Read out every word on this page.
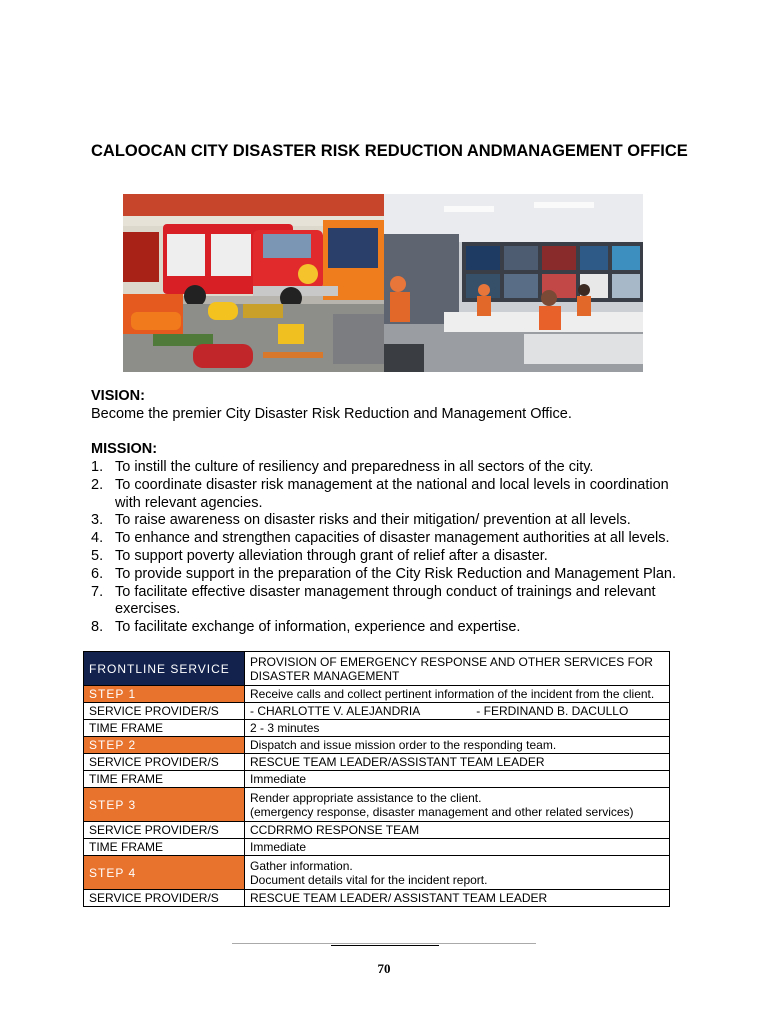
CALOOCAN CITY DISASTER RISK REDUCTION ANDMANAGEMENT OFFICE
VISION:
Become the premier City Disaster Risk Reduction and Management Office.
MISSION:
1. To instill the culture of resiliency and preparedness in all sectors of the city.
2. To coordinate disaster risk management at the national and local levels in coordination with relevant agencies.
3. To raise awareness on disaster risks and their mitigation/ prevention at all levels.
4. To enhance and strengthen capacities of disaster management authorities at all levels.
5. To support poverty alleviation through grant of relief after a disaster.
6. To provide support in the preparation of the City Risk Reduction and Management Plan.
7. To facilitate effective disaster management through conduct of trainings and relevant exercises.
8. To facilitate exchange of information, experience and expertise.
FRONTLINE SERVICE	PROVISION OF EMERGENCY RESPONSE AND OTHER SERVICES FOR DISASTER MANAGEMENT
STEP 1	Receive calls and collect pertinent information of the incident from the client.
SERVICE PROVIDER/S	- CHARLOTTE V. ALEJANDRIA - FERDINAND B. DACULLO
TIME FRAME	2 - 3 minutes
STEP 2	Dispatch and issue mission order to the responding team.
SERVICE PROVIDER/S	RESCUE TEAM LEADER/ASSISTANT TEAM LEADER
TIME FRAME	Immediate
STEP 3	Render appropriate assistance to the client.
(emergency response, disaster management and other related services)

SERVICE PROVIDER/S	CCDRRMO RESPONSE TEAM
TIME FRAME	Immediate
STEP 4	Gather information.
Document details vital for the incident report.

SERVICE PROVIDER/S	RESCUE TEAM LEADER/ ASSISTANT TEAM LEADER
70
